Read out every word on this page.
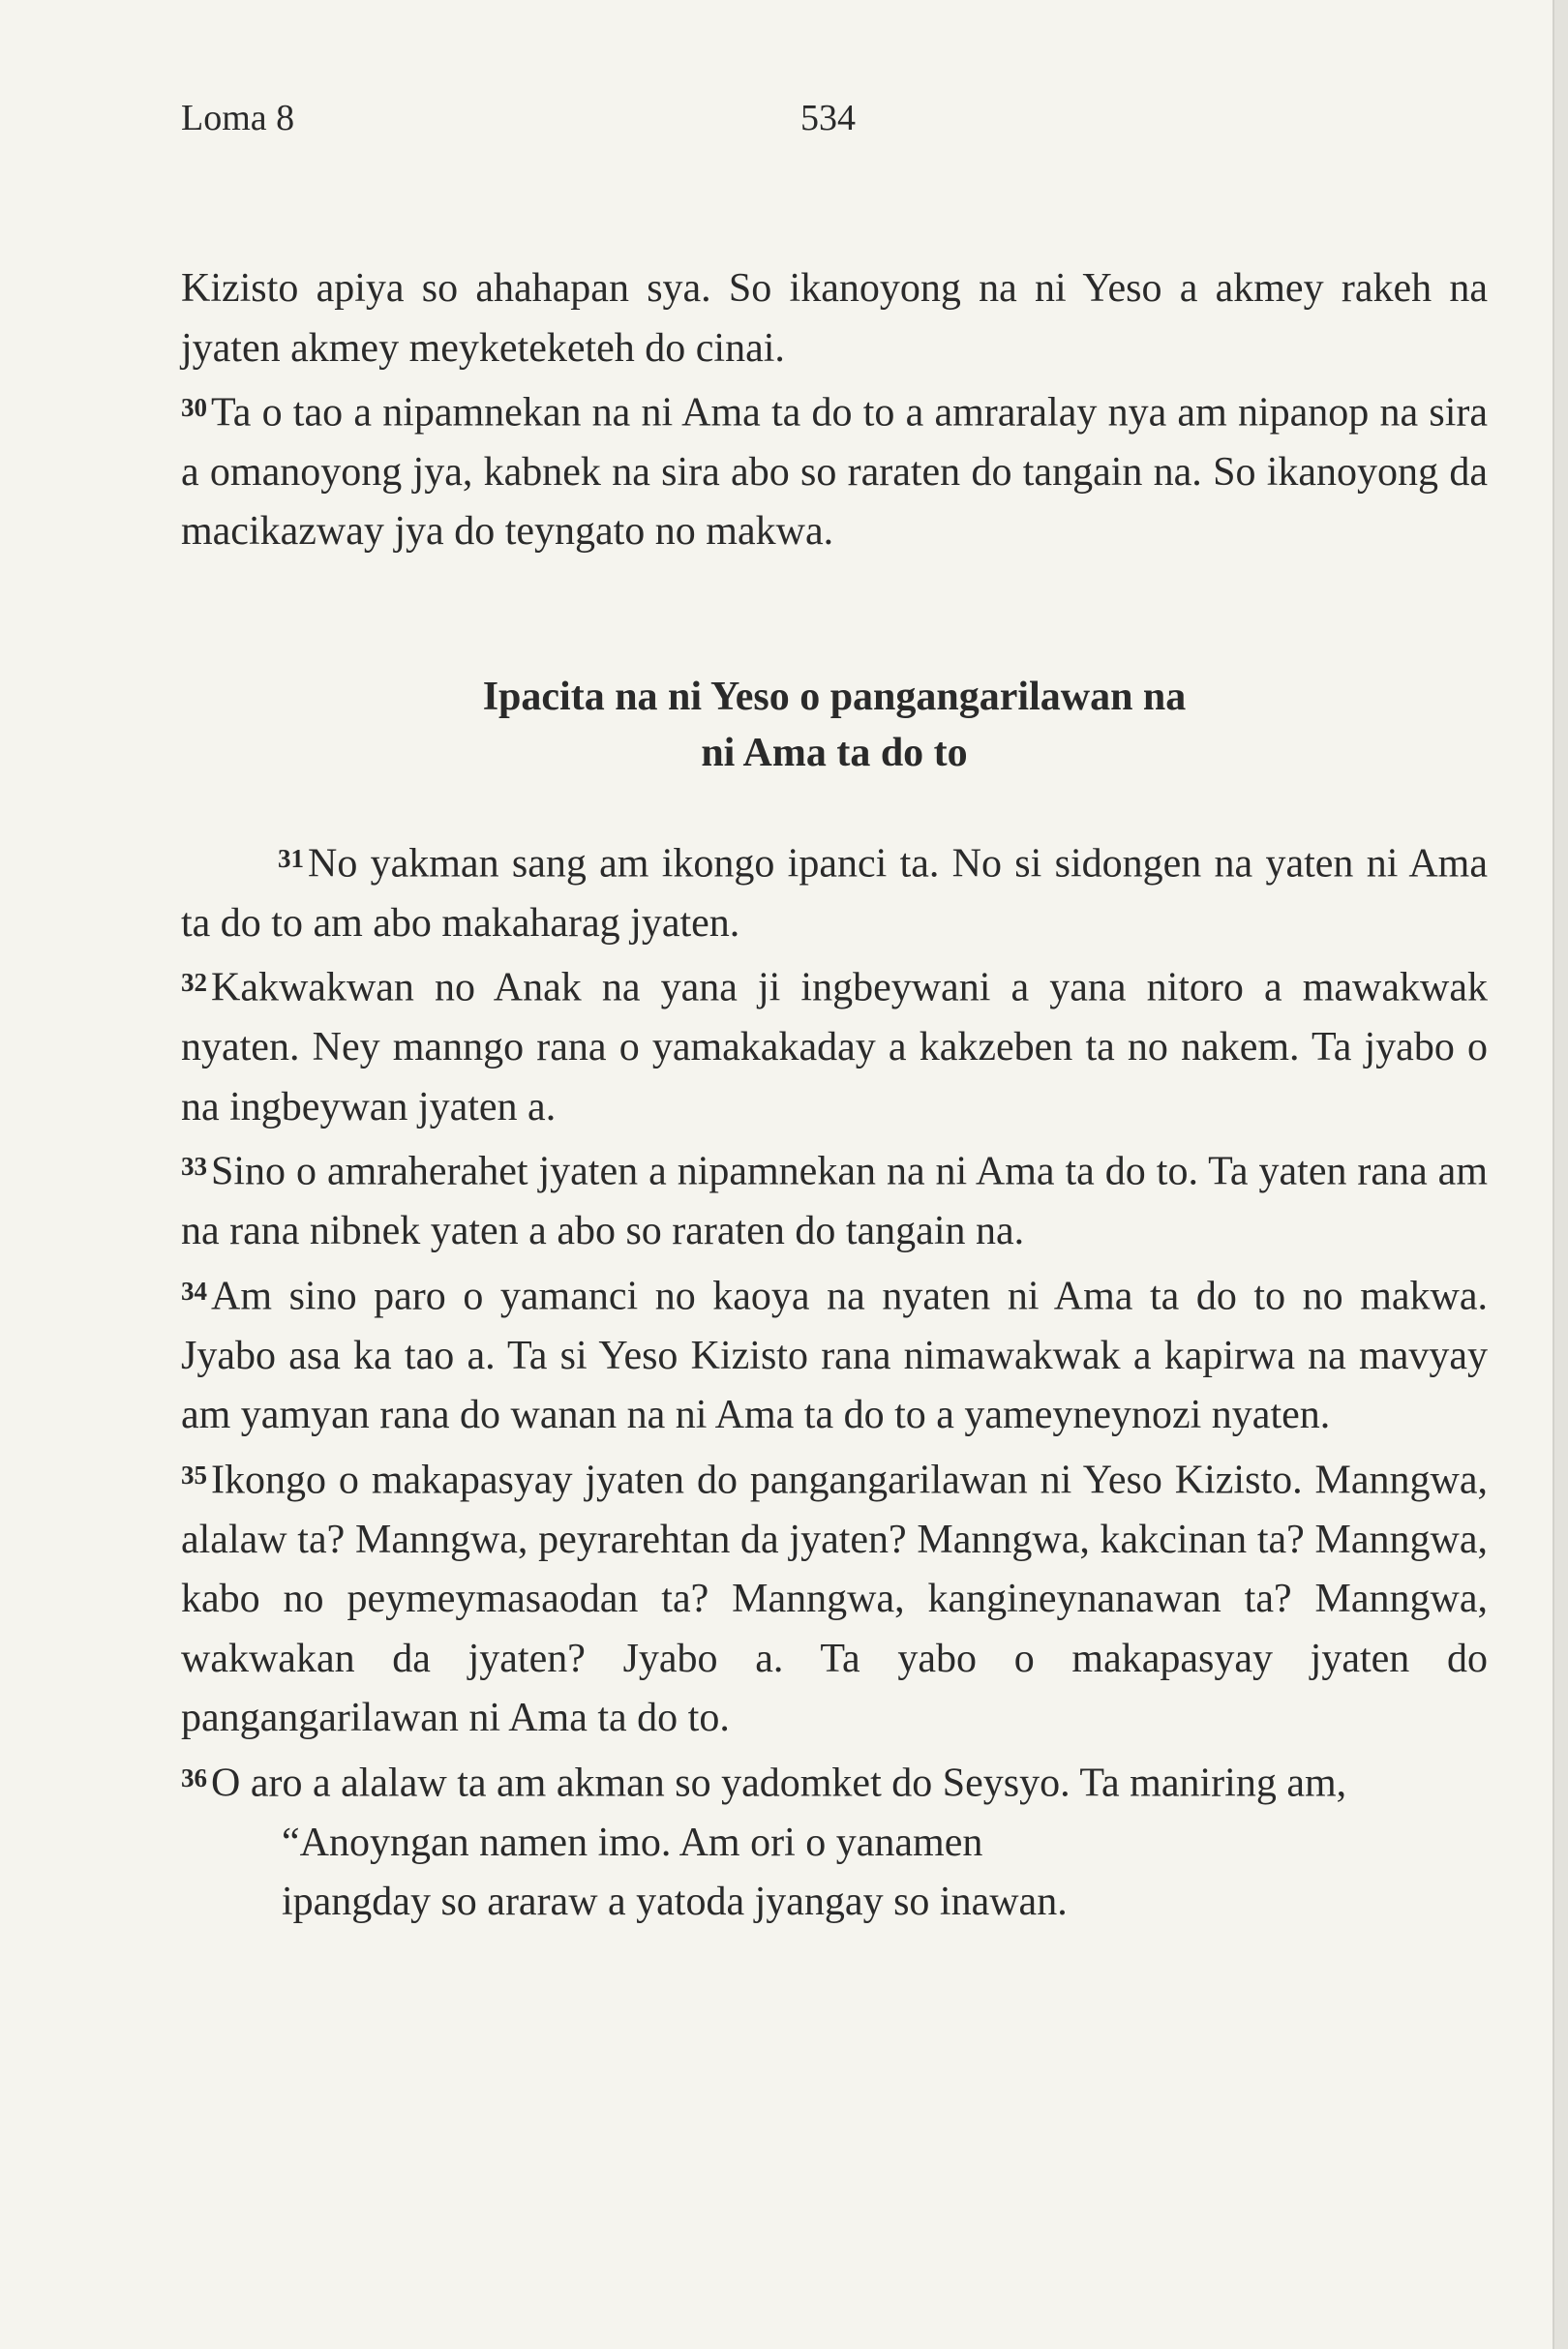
Loma 8	534

Kizisto apiya so ahahapan sya. So ikanoyong na ni Yeso a akmey rakeh na jyaten akmey meyketeketeh do cinai.

$^{30}$Ta o tao a nipamnekan na ni Ama ta do to a amraralay nya am nipanop na sira a omanoyong jya, kabnek na sira abo so raraten do tangain na. So ikanoyong da macikazway jya do teyngato no makwa.

Ipacita na ni Yeso o pangangarilawan na
ni Ama ta do to

$^{31}$No yakman sang am ikongo ipanci ta. No si sidongen na yaten ni Ama ta do to am abo makaharag jyaten.

$^{32}$Kakwakwan no Anak na yana ji ingbeywani a yana nitoro a mawakwak nyaten. Ney manngo rana o yamakakaday a kakzeben ta no nakem. Ta jyabo o na ingbeywan jyaten a.

$^{33}$Sino o amraherahet jyaten a nipamnekan na ni Ama ta do to. Ta yaten rana am na rana nibnek yaten a abo so raraten do tangain na.

$^{34}$Am sino paro o yamanci no kaoya na nyaten ni Ama ta do to no makwa. Jyabo asa ka tao a. Ta si Yeso Kizisto rana nimawakwak a kapirwa na mavyay am yamyan rana do wanan na ni Ama ta do to a yameyneynozi nyaten.

$^{35}$Ikongo o makapasyay jyaten do pangangarilawan ni Yeso Kizisto. Manngwa, alalaw ta? Manngwa, peyrarehtan da jyaten? Manngwa, kakcinan ta? Manngwa, kabo no peymeymasaodan ta? Manngwa, kangineynanawan ta? Manngwa, wakwakan da jyaten? Jyabo a. Ta yabo o makapasyay jyaten do pangangarilawan ni Ama ta do to.

$^{36}$O aro a alalaw ta am akman so yadomket do Seysyo. Ta maniring am,

“Anoyngan namen imo. Am ori o yanamen
ipangday so araraw a yatoda jyangay so inawan.
